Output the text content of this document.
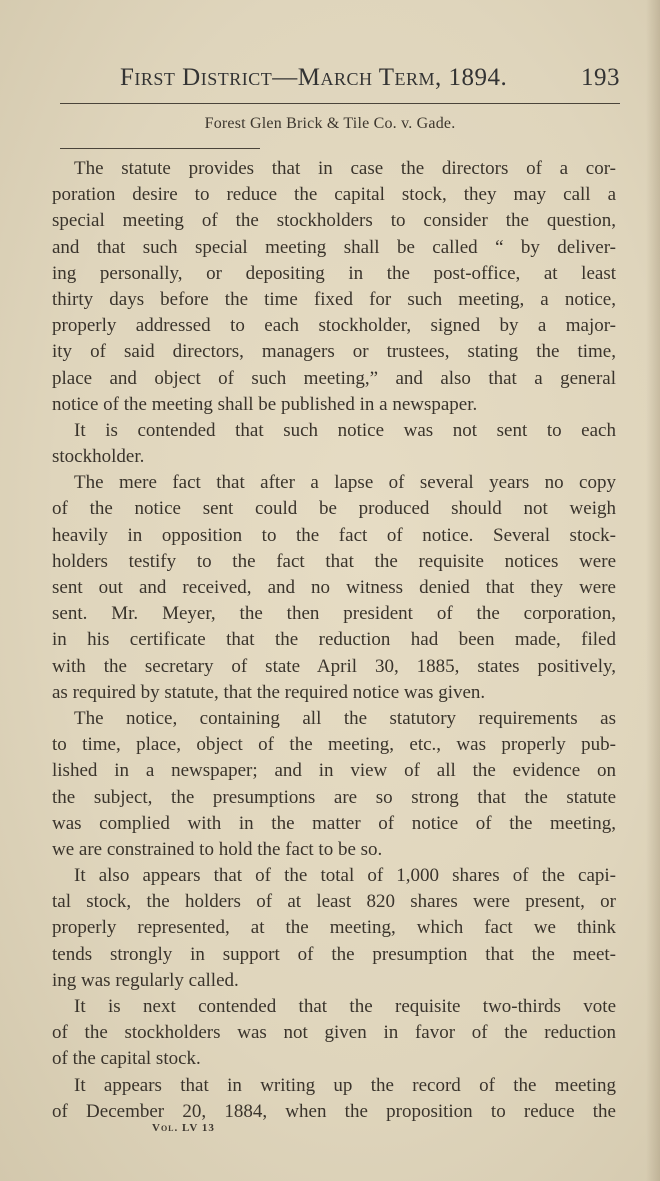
First District—March Term, 1894.	193
Forest Glen Brick & Tile Co. v. Gade.
The statute provides that in case the directors of a cor-
poration desire to reduce the capital stock, they may call a
special meeting of the stockholders to consider the question,
and that such special meeting shall be called “ by deliver-
ing personally, or depositing in the post-office, at least
thirty days before the time fixed for such meeting, a notice,
properly addressed to each stockholder, signed by a major-
ity of said directors, managers or trustees, stating the time,
place and object of such meeting,” and also that a general
notice of the meeting shall be published in a newspaper.
It is contended that such notice was not sent to each
stockholder.
The mere fact that after a lapse of several years no copy
of the notice sent could be produced should not weigh
heavily in opposition to the fact of notice. Several stock-
holders testify to the fact that the requisite notices were
sent out and received, and no witness denied that they were
sent. Mr. Meyer, the then president of the corporation,
in his certificate that the reduction had been made, filed
with the secretary of state April 30, 1885, states positively,
as required by statute, that the required notice was given.
The notice, containing all the statutory requirements as
to time, place, object of the meeting, etc., was properly pub-
lished in a newspaper; and in view of all the evidence on
the subject, the presumptions are so strong that the statute
was complied with in the matter of notice of the meeting,
we are constrained to hold the fact to be so.
It also appears that of the total of 1,000 shares of the capi-
tal stock, the holders of at least 820 shares were present, or
properly represented, at the meeting, which fact we think
tends strongly in support of the presumption that the meet-
ing was regularly called.
It is next contended that the requisite two-thirds vote
of the stockholders was not given in favor of the reduction
of the capital stock.
It appears that in writing up the record of the meeting
of December 20, 1884, when the proposition to reduce the
Vol. LV 13
